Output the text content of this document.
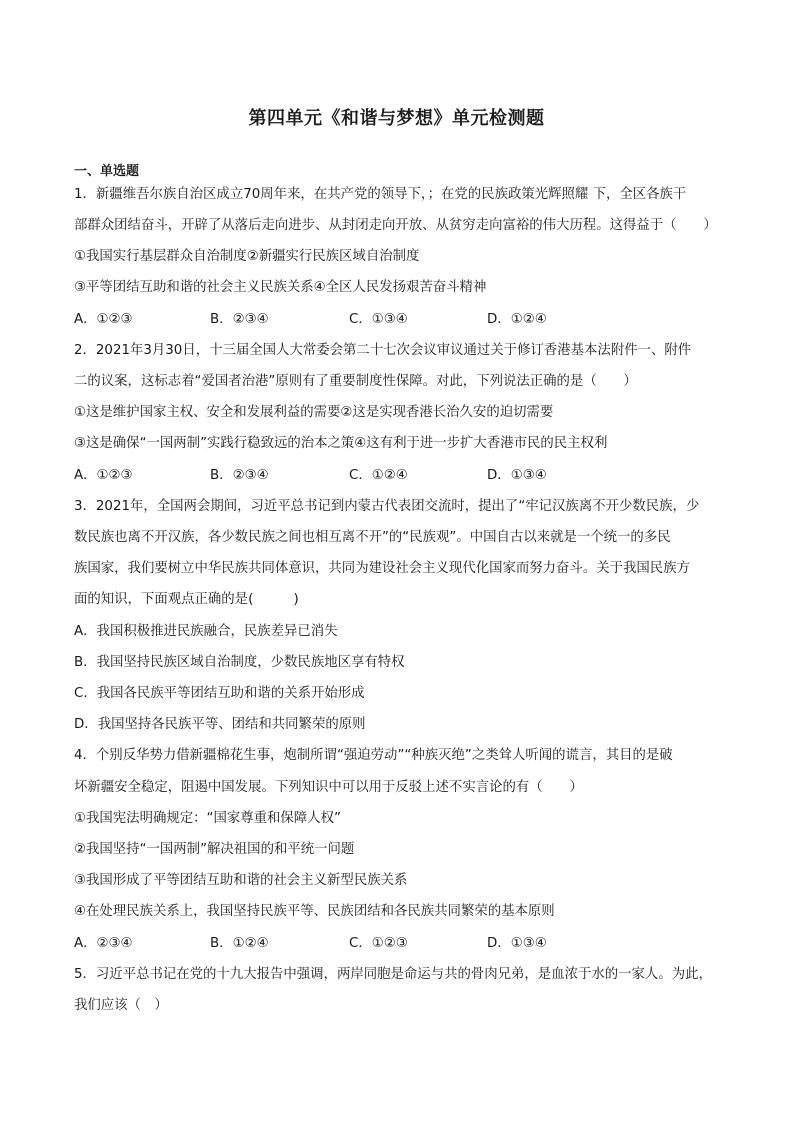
第四单元《和谐与梦想》单元检测题
一、单选题
1．新疆维吾尔族自治区成立70周年来，在共产党的领导下，；在党的民族政策光辉照耀 下，全区各族干
部群众团结奋斗，开辟了从落后走向进步、从封闭走向开放、从贫穷走向富裕的伟大历程。这得益于（　　）
①我国实行基层群众自治制度②新疆实行民族区域自治制度
③平等团结互助和谐的社会主义民族关系④全区人民发扬艰苦奋斗精神
A．①②③	B．②③④	C．①③④	D．①②④
2．2021年3月30日，十三届全国人大常委会第二十七次会议审议通过关于修订香港基本法附件一、附件
二的议案，这标志着“爱国者治港”原则有了重要制度性保障。对此，下列说法正确的是（　　）
①这是维护国家主权、安全和发展利益的需要②这是实现香港长治久安的迫切需要
③这是确保“一国两制”实践行稳致远的治本之策④这有利于进一步扩大香港市民的民主权利
A．①②③	B．②③④	C．①②④	D．①③④
3．2021年，全国两会期间，习近平总书记到内蒙古代表团交流时，提出了“牢记汉族离不开少数民族，少
数民族也离不开汉族，各少数民族之间也相互离不开”的“民族观”。中国自古以来就是一个统一的多民
族国家，我们要树立中华民族共同体意识，共同为建设社会主义现代化国家而努力奋斗。关于我国民族方
面的知识，下面观点正确的是(　　　)
A．我国积极推进民族融合，民族差异已消失
B．我国坚持民族区域自治制度，少数民族地区享有特权
C．我国各民族平等团结互助和谐的关系开始形成
D．我国坚持各民族平等、团结和共同繁荣的原则
4．个别反华势力借新疆棉花生事，炮制所谓“强迫劳动”“种族灭绝”之类耸人听闻的谎言，其目的是破
坏新疆安全稳定，阻遏中国发展。下列知识中可以用于反驳上述不实言论的有（　　）
①我国宪法明确规定：“国家尊重和保障人权”
②我国坚持“一国两制”解决祖国的和平统一问题
③我国形成了平等团结互助和谐的社会主义新型民族关系
④在处理民族关系上，我国坚持民族平等、民族团结和各民族共同繁荣的基本原则
A．②③④	B．①②④	C．①②③	D．①③④
5．习近平总书记在党的十九大报告中强调，两岸同胞是命运与共的骨肉兄弟，是血浓于水的一家人。为此，
我们应该（　）
